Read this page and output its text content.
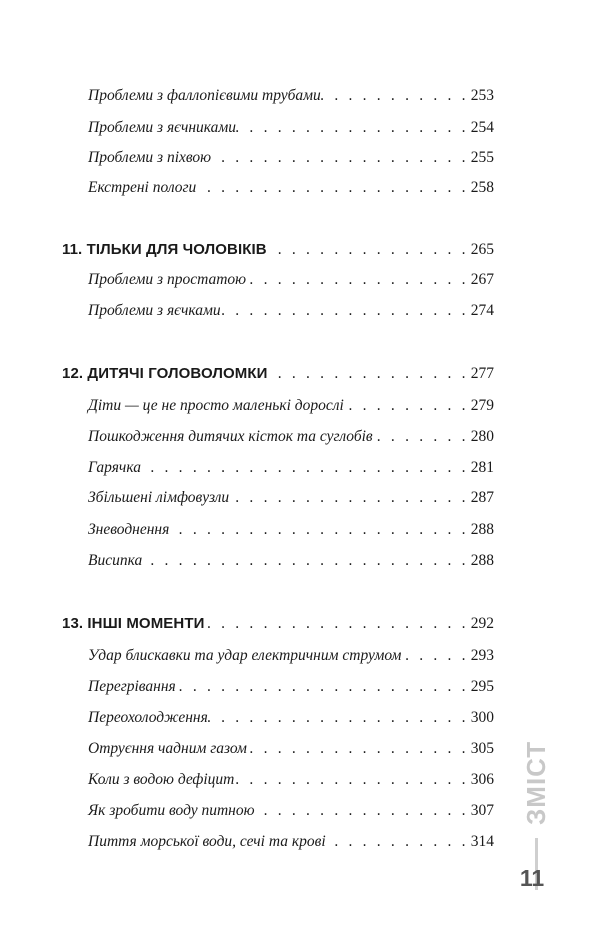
Проблеми з фаллопієвими трубами . . .	253
Проблеми з яєчниками . . .	254
Проблеми з піхвою . . .	255
Екстрені пологи . . .	258
11. ТІЛЬКИ ДЛЯ ЧОЛОВІКІВ . . .	265
Проблеми з простатою . . .	267
Проблеми з яєчками . . .	274
12. ДИТЯЧІ ГОЛОВОЛОМКИ . . .	277
Діти — це не просто маленькі дорослі . . .	279
Пошкодження дитячих кісток та суглобів . . .	280
Гарячка . . .	281
Збільшені лімфовузли . . .	287
Зневоднення . . .	288
Висипка . . .	288
13. ІНШІ МОМЕНТИ . . .	292
Удар блискавки та удар електричним струмом . . .	293
Перегрівання . . .	295
Переохолодження . . .	300
Отруєння чадним газом . . .	305
Коли з водою дефіцит . . .	306
Як зробити воду питною . . .	307
Пиття морської води, сечі та крові . . .	314
ЗМІСТ
11
